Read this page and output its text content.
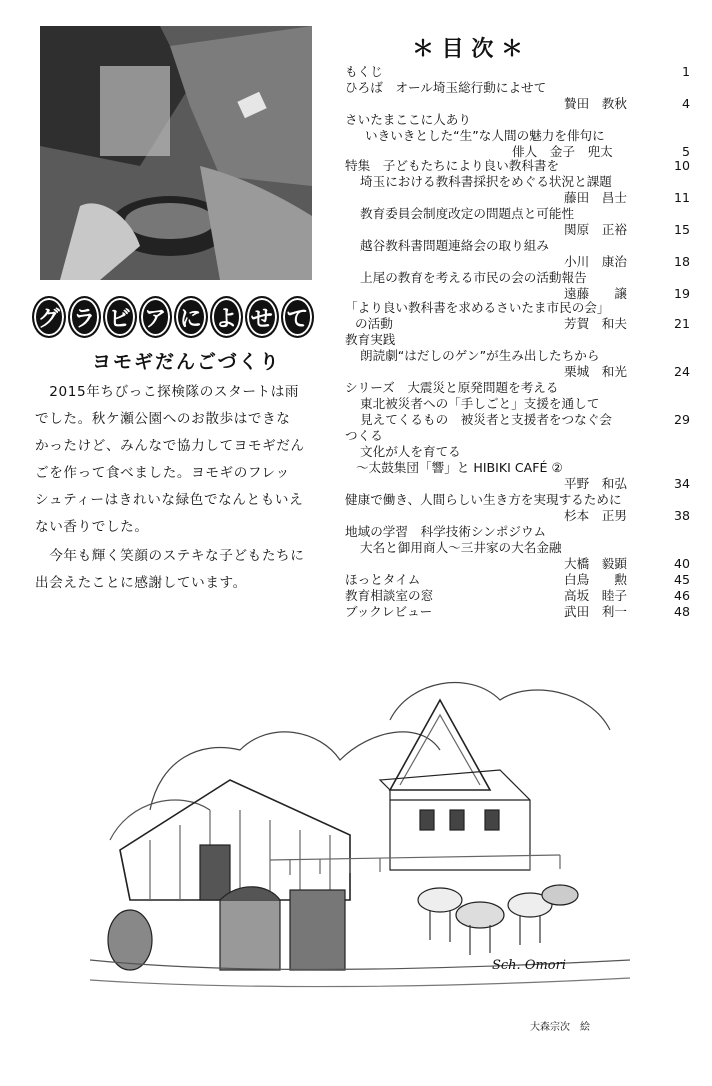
グ ラ ビ ア に よ せ て
ヨモギだんごづくり
　2015年ちびっこ探検隊のスタートは雨
でした。秋ケ瀬公園へのお散歩はできな
かったけど、みんなで協力してヨモギだん
ごを作って食べました。ヨモギのフレッ
シュティーはきれいな緑色でなんともいえ
ない香りでした。
　今年も輝く笑顔のステキな子どもたちに
出会えたことに感謝しています。
＊ 目 次 ＊
もくじ	1
ひろば　オール埼玉総行動によせて
贄田　教秋	4
さいたまここに人あり
いきいきとした“生”な人間の魅力を俳句に
俳人　金子　兜太	5
特集　子どもたちにより良い教科書を	10
埼玉における教科書採択をめぐる状況と課題
藤田　昌士	11
教育委員会制度改定の問題点と可能性
関原　正裕	15
越谷教科書問題連絡会の取り組み
小川　康治	18
上尾の教育を考える市民の会の活動報告
遠藤　　譲	19
「より良い教科書を求めるさいたま市民の会」
の活動	芳賀　和夫	21
教育実践
朗読劇“はだしのゲン”が生み出したちから
栗城　和光	24
シリーズ　大震災と原発問題を考える
東北被災者への「手しごと」支援を通して
見えてくるもの　被災者と支援者をつなぐ会	29
つくる
文化が人を育てる
～太鼓集団「響」と HIBIKI CAFÉ ②
平野　和弘	34
健康で働き、人間らしい生き方を実現するために
杉本　正男	38
地域の学習　科学技術シンポジウム
大名と御用商人～三井家の大名金融
大橋　毅顕	40
ほっとタイム	白鳥　　勲	45
教育相談室の窓	高坂　睦子	46
ブックレビュー	武田　利一	48
Sch. Omori
大森宗次　絵
